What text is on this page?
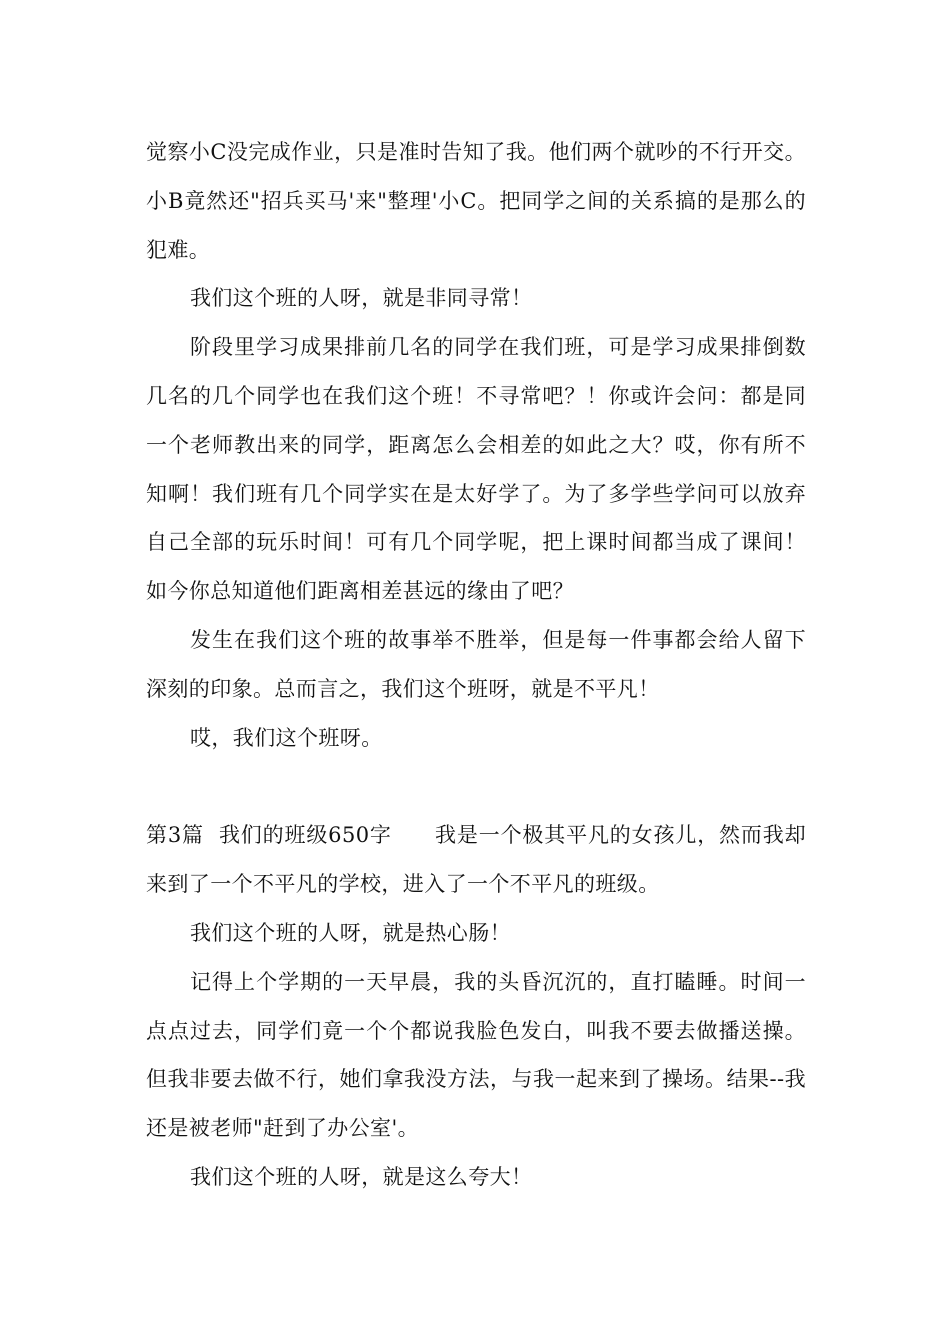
觉察小C没完成作业，只是准时告知了我。他们两个就吵的不行开交。小B竟然还"招兵买马'来"整理'小C。把同学之间的关系搞的是那么的犯难。

我们这个班的人呀，就是非同寻常！

阶段里学习成果排前几名的同学在我们班，可是学习成果排倒数几名的几个同学也在我们这个班！不寻常吧？！你或许会问：都是同一个老师教出来的同学，距离怎么会相差的如此之大？哎，你有所不知啊！我们班有几个同学实在是太好学了。为了多学些学问可以放弃自己全部的玩乐时间！可有几个同学呢，把上课时间都当成了课间！如今你总知道他们距离相差甚远的缘由了吧？

发生在我们这个班的故事举不胜举，但是每一件事都会给人留下深刻的印象。总而言之，我们这个班呀，就是不平凡！

哎，我们这个班呀。

第3篇  我们的班级650字   我是一个极其平凡的女孩儿，然而我却来到了一个不平凡的学校，进入了一个不平凡的班级。

我们这个班的人呀，就是热心肠！

记得上个学期的一天早晨，我的头昏沉沉的，直打瞌睡。时间一点点过去，同学们竟一个个都说我脸色发白，叫我不要去做播送操。但我非要去做不行，她们拿我没方法，与我一起来到了操场。结果--我还是被老师"赶到了办公室'。

我们这个班的人呀，就是这么夸大！
